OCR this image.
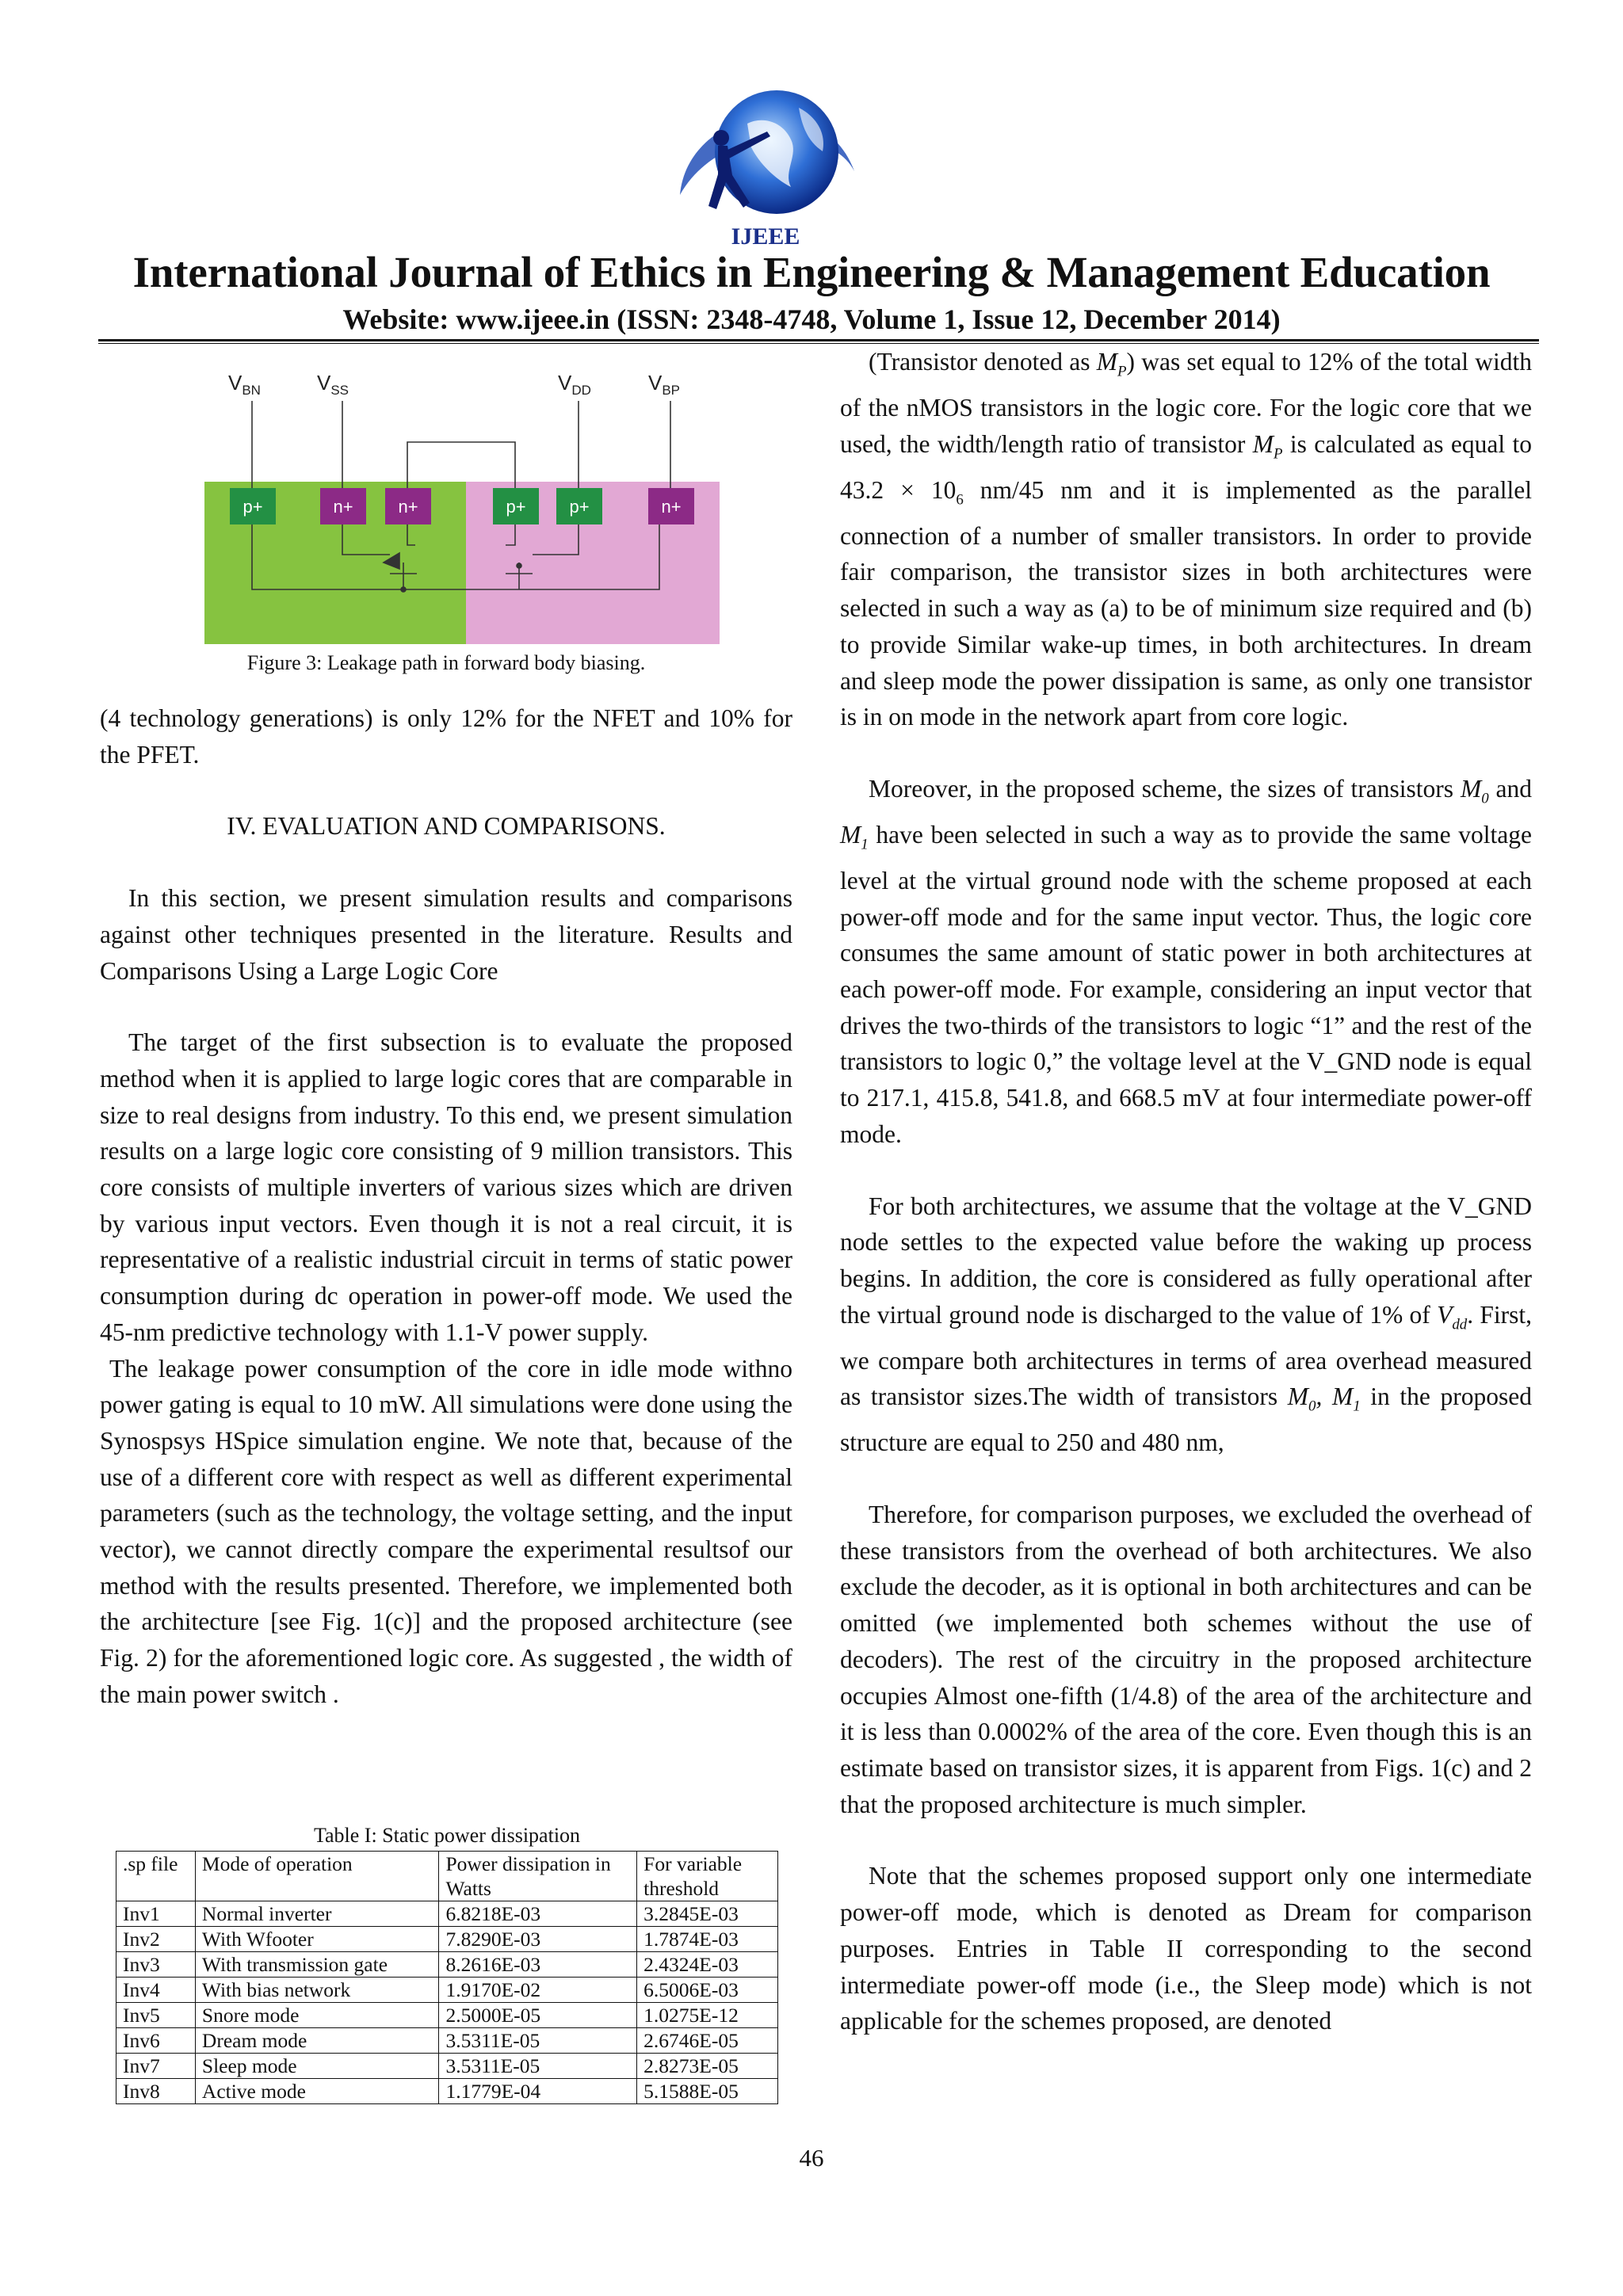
IJEEE
International Journal of Ethics in Engineering & Management Education
Website: www.ijeee.in (ISSN: 2348-4748, Volume 1, Issue 12, December 2014)
$V_{BN}$	$V_{SS}$	$V_{DD}$	$V_{BP}$
p+	n+	n+	p+ p+	n+
Figure 3: Leakage path in forward body biasing.

(4 technology generations) is only 12% for the NFET and 10% for the PFET.

IV. EVALUATION AND COMPARISONS.

In this section, we present simulation results and comparisons against other techniques presented in the literature. Results and Comparisons Using a Large Logic Core

The target of the first subsection is to evaluate the proposed method when it is applied to large logic cores that are comparable in size to real designs from industry. To this end, we present simulation results on a large logic core consisting of 9 million transistors. This core consists of multiple inverters of various sizes which are driven by various input vectors. Even though it is not a real circuit, it is representative of a realistic industrial circuit in terms of static power consumption during dc operation in power-off mode. We used the 45-nm predictive technology with 1.1-V power supply.

The leakage power consumption of the core in idle mode withno power gating is equal to 10 mW. All simulations were done using the Synospsys HSpice simulation engine. We note that, because of the use of a different core with respect as well as different experimental parameters (such as the technology, the voltage setting, and the input vector), we cannot directly compare the experimental resultsof our method with the results presented. Therefore, we implemented both the architecture [see Fig. 1(c)] and the proposed architecture (see Fig. 2) for the aforementioned logic core. As suggested , the width of the main power switch .

Table I: Static power dissipation
.sp file	Mode of operation	Power dissipation in Watts	For variable threshold
Inv1	Normal inverter	6.8218E-03	3.2845E-03
Inv2	With Wfooter	7.8290E-03	1.7874E-03
Inv3	With transmission gate	8.2616E-03	2.4324E-03
Inv4	With bias network	1.9170E-02	6.5006E-03
Inv5	Snore mode	2.5000E-05	1.0275E-12
Inv6	Dream mode	3.5311E-05	2.6746E-05
Inv7	Sleep mode	3.5311E-05	2.8273E-05
Inv8	Active mode	1.1779E-04	5.1588E-05

(Transistor denoted as $M_P$) was set equal to 12% of the total width of the nMOS transistors in the logic core. For the logic core that we used, the width/length ratio of transistor $M_P$ is calculated as equal to $43.2 \times 10_6$ nm/45 nm and it is implemented as the parallel connection of a number of smaller transistors. In order to provide fair comparison, the transistor sizes in both architectures were selected in such a way as (a) to be of minimum size required and (b) to provide Similar wake-up times, in both architectures. In dream and sleep mode the power dissipation is same, as only one transistor is in on mode in the network apart from core logic.

Moreover, in the proposed scheme, the sizes of transistors $M_0$ and $M_1$ have been selected in such a way as to provide the same voltage level at the virtual ground node with the scheme proposed at each power-off mode and for the same input vector. Thus, the logic core consumes the same amount of static power in both architectures at each power-off mode. For example, considering an input vector that drives the two-thirds of the transistors to logic “1” and the rest of the transistors to logic 0,” the voltage level at the V_GND node is equal to 217.1, 415.8, 541.8, and 668.5 mV at four intermediate power-off mode.

For both architectures, we assume that the voltage at the V_GND node settles to the expected value before the waking up process begins. In addition, the core is considered as fully operational after the virtual ground node is discharged to the value of 1% of $V_{dd}$. First, we compare both architectures in terms of area overhead measured as transistor sizes.The width of transistors $M_0$, $M_1$ in the proposed structure are equal to 250 and 480 nm,

Therefore, for comparison purposes, we excluded the overhead of these transistors from the overhead of both architectures. We also exclude the decoder, as it is optional in both architectures and can be omitted (we implemented both schemes without the use of decoders). The rest of the circuitry in the proposed architecture occupies Almost one-fifth (1/4.8) of the area of the architecture and it is less than 0.0002% of the area of the core. Even though this is an estimate based on transistor sizes, it is apparent from Figs. 1(c) and 2 that the proposed architecture is much simpler.

Note that the schemes proposed support only one intermediate power-off mode, which is denoted as Dream for comparison purposes. Entries in Table II corresponding to the second intermediate power-off mode (i.e., the Sleep mode) which is not applicable for the schemes proposed, are denoted

46
